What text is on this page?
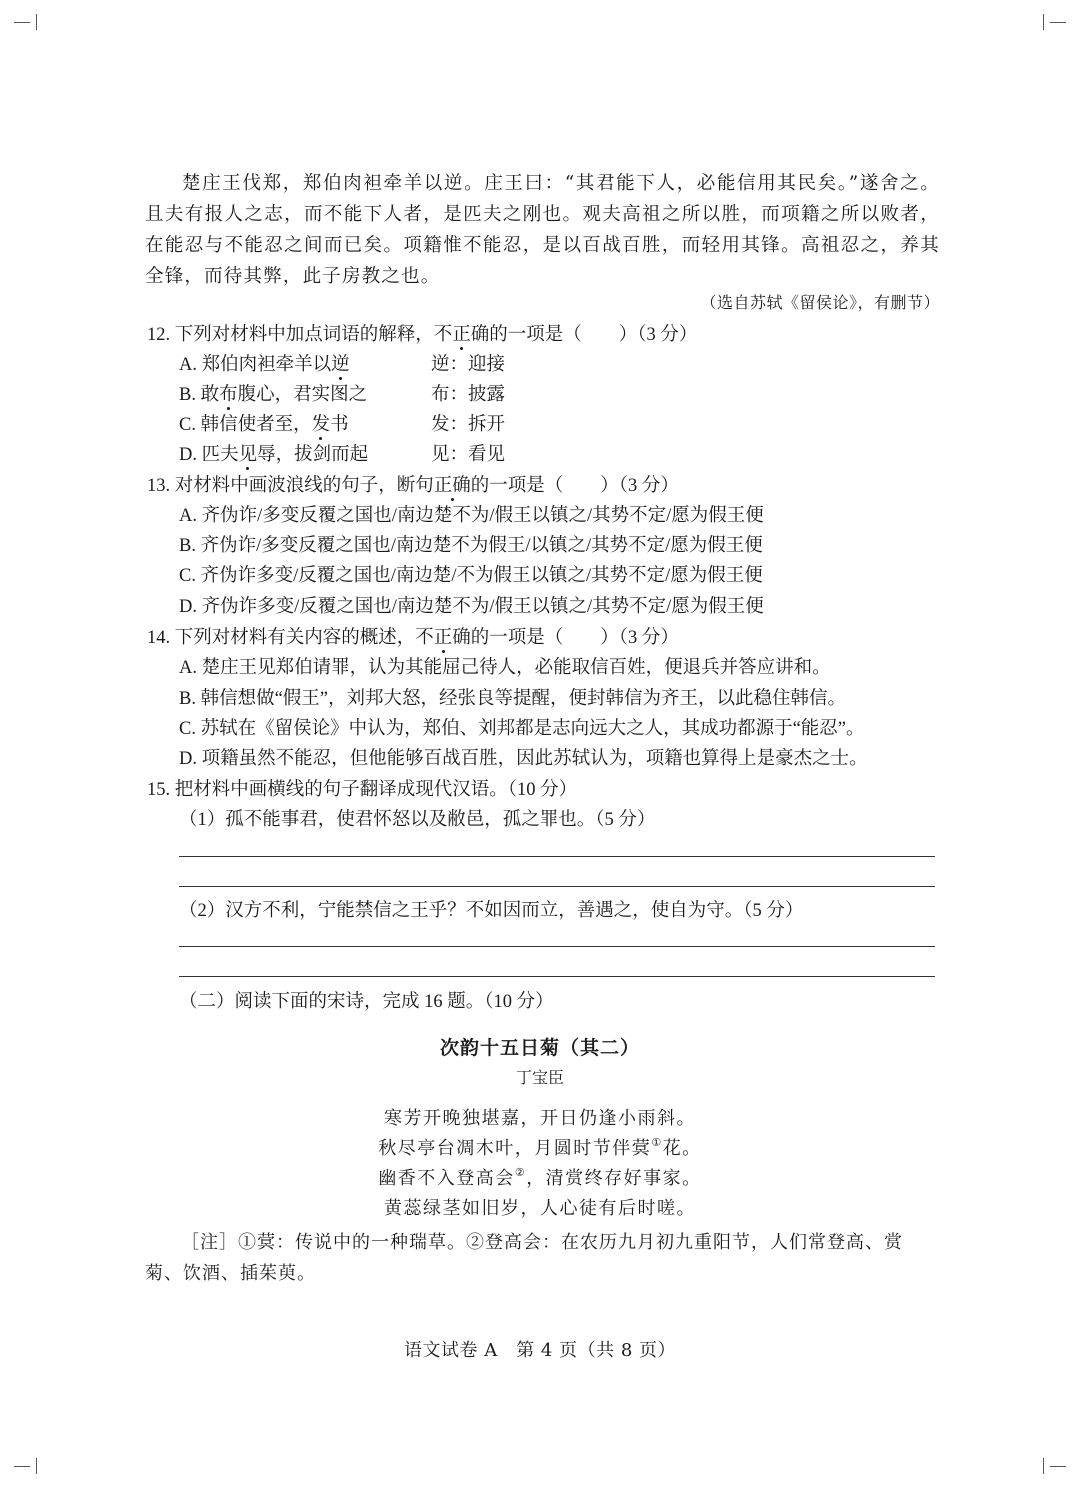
楚庄王伐郑，郑伯肉袒牵羊以逆。庄王曰：“其君能下人，必能信用其民矣。”遂舍之。且夫有报人之志，而不能下人者，是匹夫之刚也。观夫高祖之所以胜，而项籍之所以败者，在能忍与不能忍之间而已矣。项籍惟不能忍，是以百战百胜，而轻用其锋。高祖忍之，养其全锋，而待其弊，此子房教之也。

（选自苏轼《留侯论》，有删节）
12. 下列对材料中加点词语的解释，不正确的一项是（　　）（3 分）
A. 郑伯肉袒牵羊以逆	逆：迎接
B. 敢布腹心，君实图之	布：披露
C. 韩信使者至，发书	发：拆开
D. 匹夫见辱，拔剑而起	见：看见
13. 对材料中画波浪线的句子，断句正确的一项是（　　）（3 分）
A. 齐伪诈/多变反覆之国也/南边楚不为/假王以镇之/其势不定/愿为假王便
B. 齐伪诈/多变反覆之国也/南边楚不为假王/以镇之/其势不定/愿为假王便
C. 齐伪诈多变/反覆之国也/南边楚/不为假王以镇之/其势不定/愿为假王便
D. 齐伪诈多变/反覆之国也/南边楚不为/假王以镇之/其势不定/愿为假王便
14. 下列对材料有关内容的概述，不正确的一项是（　　）（3 分）
A. 楚庄王见郑伯请罪，认为其能屈己待人，必能取信百姓，便退兵并答应讲和。
B. 韩信想做“假王”，刘邦大怒，经张良等提醒，便封韩信为齐王，以此稳住韩信。
C. 苏轼在《留侯论》中认为，郑伯、刘邦都是志向远大之人，其成功都源于“能忍”。
D. 项籍虽然不能忍，但他能够百战百胜，因此苏轼认为，项籍也算得上是豪杰之士。
15. 把材料中画横线的句子翻译成现代汉语。（10 分）
（1）孤不能事君，使君怀怒以及敝邑，孤之罪也。（5 分）
（2）汉方不利，宁能禁信之王乎？不如因而立，善遇之，使自为守。（5 分）
（二）阅读下面的宋诗，完成 16 题。（10 分）
次韵十五日菊（其二）
丁宝臣
寒芳开晚独堪嘉，开日仍逢小雨斜。
秋尽亭台凋木叶，月圆时节伴蓂①花。
幽香不入登高会②，清赏终存好事家。
黄蕊绿茎如旧岁，人心徒有后时嗟。

［注］①蓂：传说中的一种瑞草。②登高会：在农历九月初九重阳节，人们常登高、赏菊、饮酒、插茱萸。

语文试卷 A　第 4 页（共 8 页）
